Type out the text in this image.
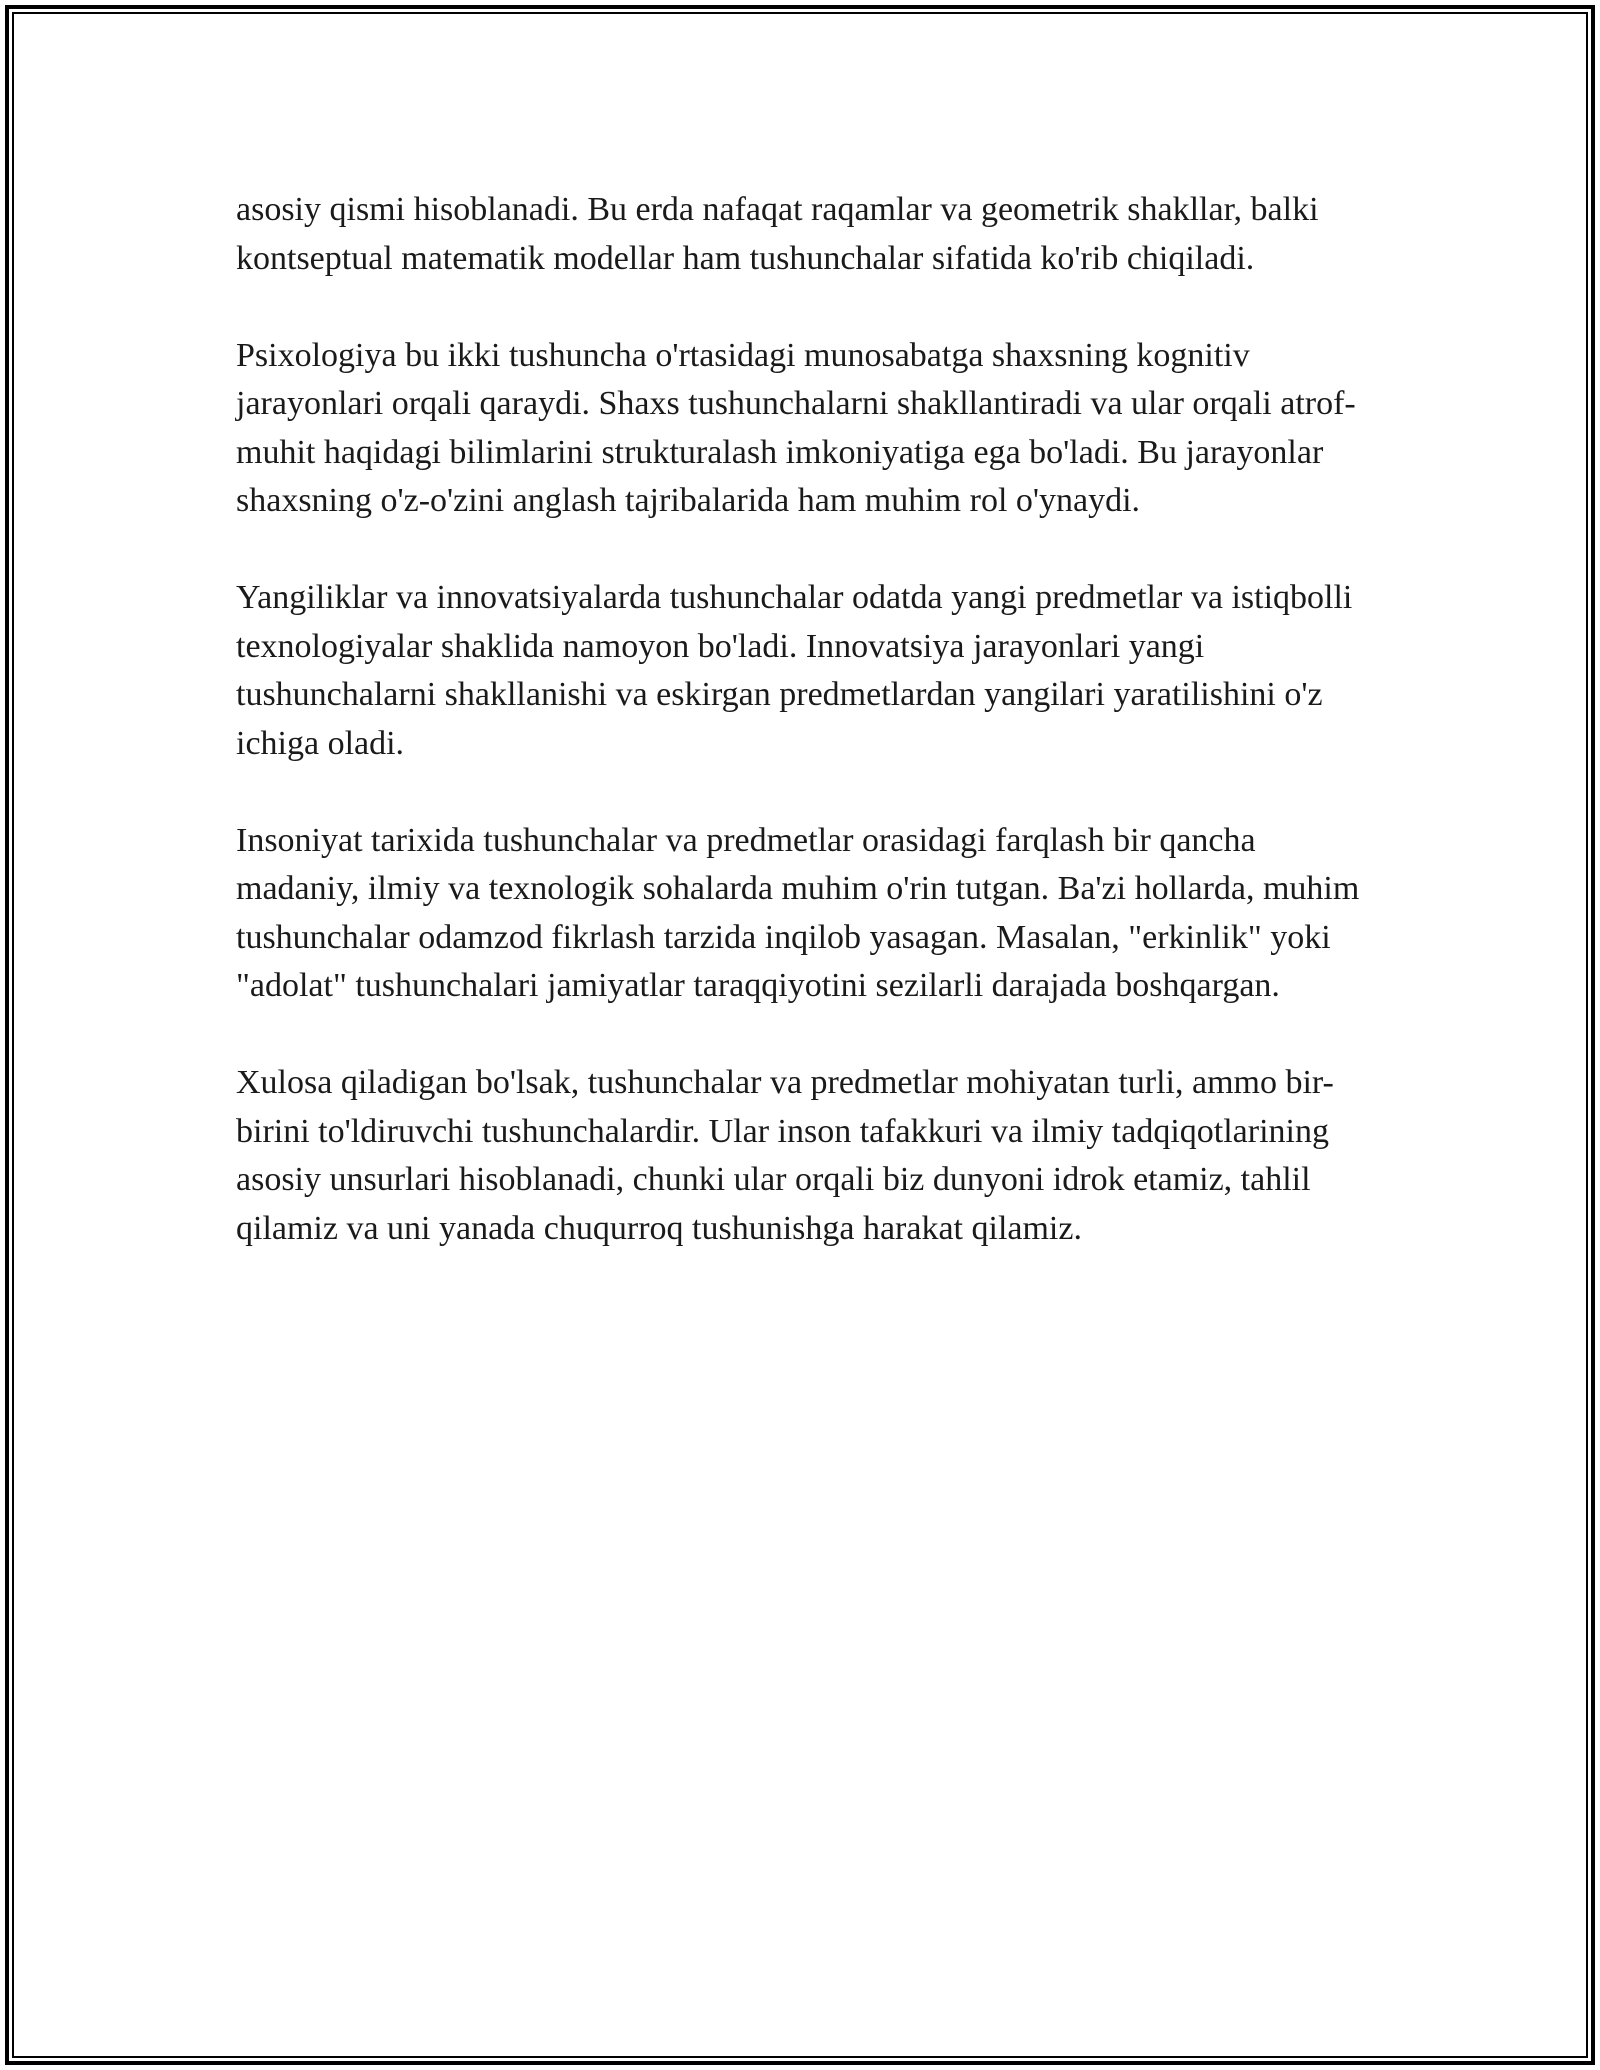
asosiy qismi hisoblanadi. Bu erda nafaqat raqamlar va geometrik shakllar, balki kontseptual matematik modellar ham tushunchalar sifatida ko'rib chiqiladi.

Psixologiya bu ikki tushuncha o'rtasidagi munosabatga shaxsning kognitiv jarayonlari orqali qaraydi. Shaxs tushunchalarni shakllantiradi va ular orqali atrof-muhit haqidagi bilimlarini strukturalash imkoniyatiga ega bo'ladi. Bu jarayonlar shaxsning o'z-o'zini anglash tajribalarida ham muhim rol o'ynaydi.

Yangiliklar va innovatsiyalarda tushunchalar odatda yangi predmetlar va istiqbolli texnologiyalar shaklida namoyon bo'ladi. Innovatsiya jarayonlari yangi tushunchalarni shakllanishi va eskirgan predmetlardan yangilari yaratilishini o'z ichiga oladi.

Insoniyat tarixida tushunchalar va predmetlar orasidagi farqlash bir qancha madaniy, ilmiy va texnologik sohalarda muhim o'rin tutgan. Ba'zi hollarda, muhim tushunchalar odamzod fikrlash tarzida inqilob yasagan. Masalan, "erkinlik" yoki "adolat" tushunchalari jamiyatlar taraqqiyotini sezilarli darajada boshqargan.

Xulosa qiladigan bo'lsak, tushunchalar va predmetlar mohiyatan turli, ammo bir-birini to'ldiruvchi tushunchalardir. Ular inson tafakkuri va ilmiy tadqiqotlarining asosiy unsurlari hisoblanadi, chunki ular orqali biz dunyoni idrok etamiz, tahlil qilamiz va uni yanada chuqurroq tushunishga harakat qilamiz.
